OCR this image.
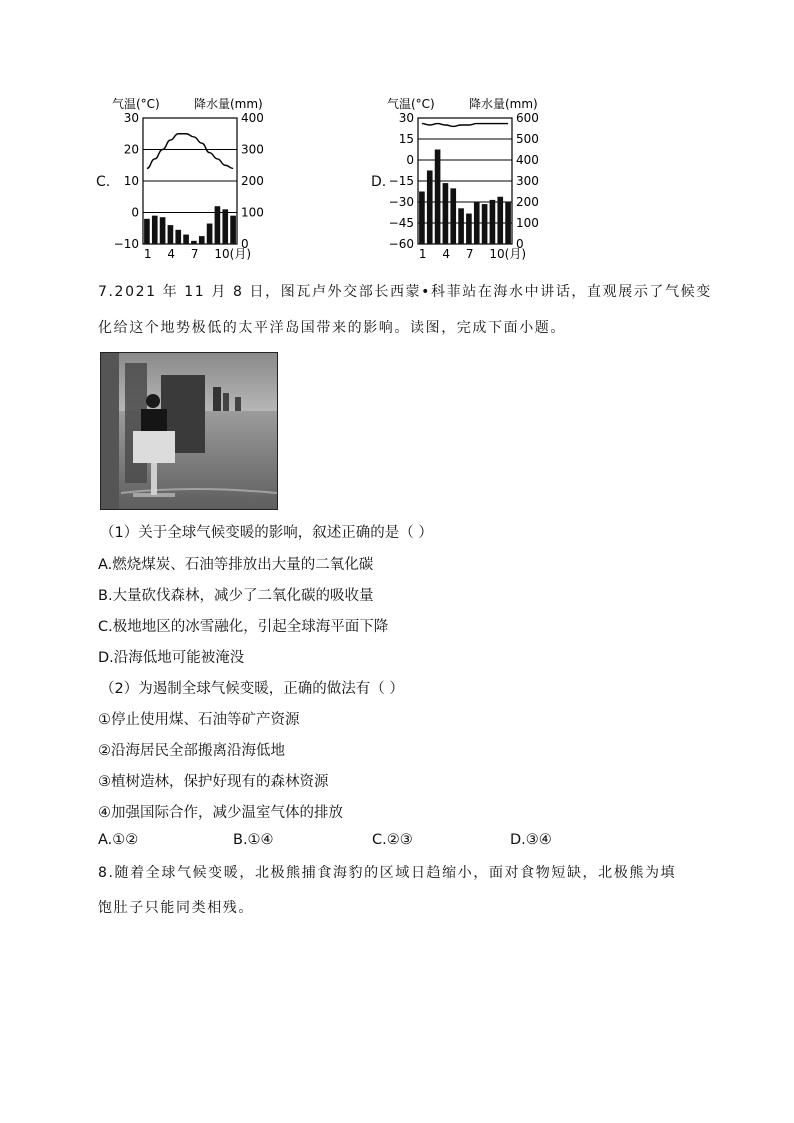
C.	D.
气温(°C)	降水量(mm)
30
20
10
0
−10
400
300
200
100
0
1 4 7 10(月)
气温(°C)	降水量(mm)
30
15
0
−15
−30
−45
−60
600
500
400
300
200
100
0
1 4 7 10(月)
7.2021 年 11 月 8 日，图瓦卢外交部长西蒙•科菲站在海水中讲话，直观展示了气候变
化给这个地势极低的太平洋岛国带来的影响。读图，完成下面小题。
（1）关于全球气候变暖的影响，叙述正确的是（ ）
A.燃烧煤炭、石油等排放出大量的二氧化碳
B.大量砍伐森林，减少了二氧化碳的吸收量
C.极地地区的冰雪融化，引起全球海平面下降
D.沿海低地可能被淹没
（2）为遏制全球气候变暖，正确的做法有（ ）
①停止使用煤、石油等矿产资源
②沿海居民全部搬离沿海低地
③植树造林，保护好现有的森林资源
④加强国际合作，减少温室气体的排放
A.①②	B.①④	C.②③	D.③④
8.随着全球气候变暖，北极熊捕食海豹的区域日趋缩小，面对食物短缺，北极熊为填
饱肚子只能同类相残。
